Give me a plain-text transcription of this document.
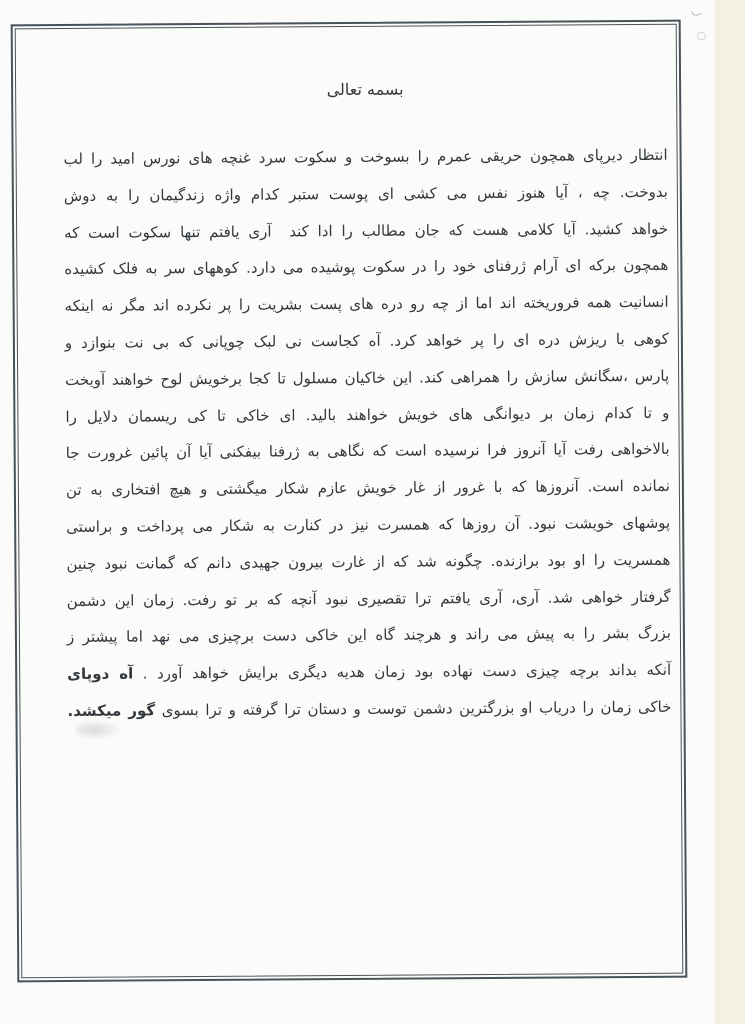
بسمه تعالی
انتظار دیرپای همچون حریقی عمرم را بسوخت و سکوت سرد غنچه های نورس امید را لب
بدوخت. چه ، آیا هنوز نفس می کشی ای پوست ستبر کدام واژه زندگیمان را به دوش
خواهد کشید. آیا کلامی هست که جان مطالب را ادا کند  آری یافتم تنها سکوت است که
همچون برکه ای آرام ژرفنای خود را در سکوت پوشیده می دارد. کوههای سر به فلک کشیده
انسانیت همه فروریخته اند اما از چه رو دره های پست بشریت را پر نکرده اند مگر نه اینکه
کوهی با ریزش دره ای را پر خواهد کرد. آه کجاست نی لبک چوپانی که بی نت بنوازد و
پارس ،سگانش سازش را همراهی کند. این خاکیان مسلول تا کجا برخویش لوح خواهند آویخت
و تا کدام زمان بر دیوانگی های خویش خواهند بالید. ای خاکی تا کی ریسمان دلایل را
بالاخواهی رفت آیا آنروز فرا نرسیده است که نگاهی به ژرفنا بیفکنی آیا آن پائین غرورت جا
نمانده است. آنروزها که با غرور از غار خویش عازم شکار میگشتی و هیچ افتخاری به تن
پوشهای خویشت نبود. آن روزها که همسرت نیز در کنارت به شکار می پرداخت و براستی
همسریت را او بود برازنده. چگونه شد که از غارت بیرون جهیدی دانم که گمانت نبود چنین
گرفتار خواهی شد. آری، آری یافتم ترا تقصیری نبود آنچه که بر تو رفت. زمان این دشمن
بزرگ بشر را به پیش می راند و هرچند گاه این خاکی دست برچیزی می نهد اما پیشتر ز
آنکه بداند برچه چیزی دست نهاده بود زمان هدیه دیگری برایش خواهد آورد . آه دوپای
خاکی زمان را دریاب او بزرگترین دشمن توست و دستان ترا گرفته و ترا بسوی گور میکشد.
